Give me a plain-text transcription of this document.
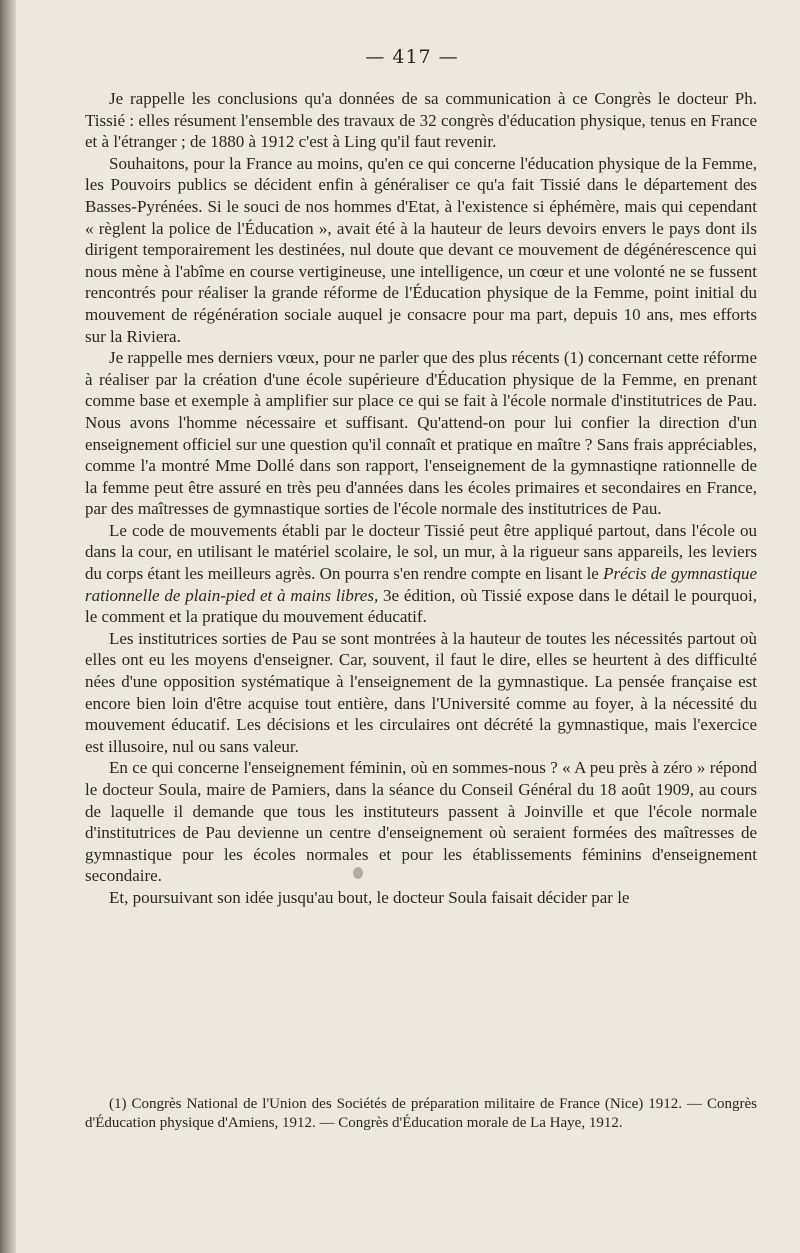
— 417 —

Je rappelle les conclusions qu'a données de sa communication à ce Congrès le docteur Ph. Tissié : elles résument l'ensemble des travaux de 32 congrès d'éducation physique, tenus en France et à l'étranger ; de 1880 à 1912 c'est à Ling qu'il faut revenir.

Souhaitons, pour la France au moins, qu'en ce qui concerne l'éducation physique de la Femme, les Pouvoirs publics se décident enfin à généraliser ce qu'a fait Tissié dans le département des Basses-Pyrénées. Si le souci de nos hommes d'Etat, à l'existence si éphémère, mais qui cependant « règlent la police de l'Éducation », avait été à la hauteur de leurs devoirs envers le pays dont ils dirigent temporairement les destinées, nul doute que devant ce mouvement de dégénérescence qui nous mène à l'abîme en course vertigineuse, une intelligence, un cœur et une volonté ne se fussent rencontrés pour réaliser la grande réforme de l'Éducation physique de la Femme, point initial du mouvement de régénération sociale auquel je consacre pour ma part, depuis 10 ans, mes efforts sur la Riviera.

Je rappelle mes derniers vœux, pour ne parler que des plus récents (1) concernant cette réforme à réaliser par la création d'une école supérieure d'Éducation physique de la Femme, en prenant comme base et exemple à amplifier sur place ce qui se fait à l'école normale d'institutrices de Pau. Nous avons l'homme nécessaire et suffisant. Qu'attend-on pour lui confier la direction d'un enseignement officiel sur une question qu'il connaît et pratique en maître ? Sans frais appréciables, comme l'a montré Mme Dollé dans son rapport, l'enseignement de la gymnastiqne rationnelle de la femme peut être assuré en très peu d'années dans les écoles primaires et secondaires en France, par des maîtresses de gymnastique sorties de l'école normale des institutrices de Pau.

Le code de mouvements établi par le docteur Tissié peut être appliqué partout, dans l'école ou dans la cour, en utilisant le matériel scolaire, le sol, un mur, à la rigueur sans appareils, les leviers du corps étant les meilleurs agrès. On pourra s'en rendre compte en lisant le Précis de gymnastique rationnelle de plain-pied et à mains libres, 3e édition, où Tissié expose dans le détail le pourquoi, le comment et la pratique du mouvement éducatif.

Les institutrices sorties de Pau se sont montrées à la hauteur de toutes les nécessités partout où elles ont eu les moyens d'enseigner. Car, souvent, il faut le dire, elles se heurtent à des difficulté nées d'une opposition systématique à l'enseignement de la gymnastique. La pensée française est encore bien loin d'être acquise tout entière, dans l'Université comme au foyer, à la nécessité du mouvement éducatif. Les décisions et les circulaires ont décrété la gymnastique, mais l'exercice est illusoire, nul ou sans valeur.

En ce qui concerne l'enseignement féminin, où en sommes-nous ? « A peu près à zéro » répond le docteur Soula, maire de Pamiers, dans la séance du Conseil Général du 18 août 1909, au cours de laquelle il demande que tous les instituteurs passent à Joinville et que l'école normale d'institutrices de Pau devienne un centre d'enseignement où seraient formées des maîtresses de gymnastique pour les écoles normales et pour les établissements féminins d'enseignement secondaire.

Et, poursuivant son idée jusqu'au bout, le docteur Soula faisait décider par le

(1) Congrès National de l'Union des Sociétés de préparation militaire de France (Nice) 1912. — Congrès d'Éducation physique d'Amiens, 1912. — Congrès d'Éducation morale de La Haye, 1912.
